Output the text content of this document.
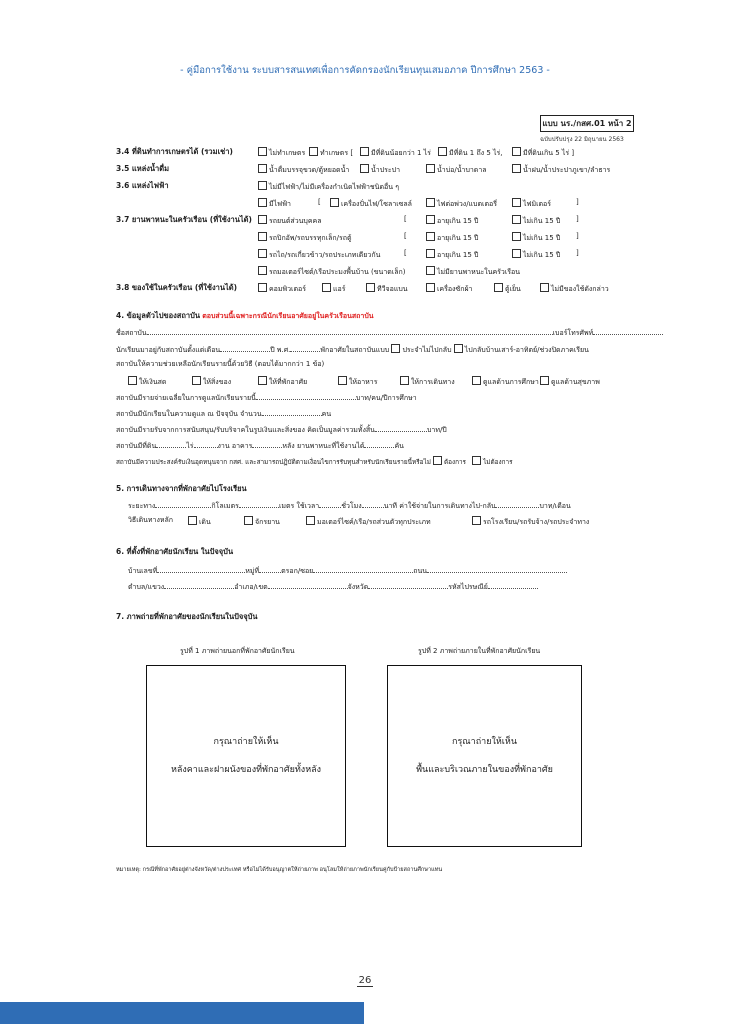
- คู่มือการใช้งาน ระบบสารสนเทศเพื่อการคัดกรองนักเรียนทุนเสมอภาค ปีการศึกษา 2563 -
แบบ นร./กสศ.01 หน้า 2
ฉบับปรับปรุง 22 มิถุนายน 2563
3.4 ที่ดินทำการเกษตรได้ (รวมเช่า)	ไม่ทำเกษตร	ทำเกษตร [	มีที่ดินน้อยกว่า 1 ไร่	มีที่ดิน 1 ถึง 5 ไร่,	มีที่ดินเกิน 5 ไร่ ]
3.5 แหล่งน้ำดื่ม	น้ำดื่มบรรจุขวด/ตู้หยอดน้ำ	น้ำประปา	น้ำบ่อ/น้ำบาดาล	น้ำฝน/น้ำประปาภูเขา/ลำธาร
3.6 แหล่งไฟฟ้า	ไม่มีไฟฟ้า/ไม่มีเครื่องกำเนิดไฟฟ้าชนิดอื่น ๆ
มีไฟฟ้า	[	เครื่องปั่นไฟ/โซลาเซลล์	ไฟต่อพ่วง/แบตเตอรี่	ไฟมิเตอร์	]
3.7 ยานพาหนะในครัวเรือน (ที่ใช้งานได้)	รถยนต์ส่วนบุคคล	[	อายุเกิน 15 ปี	ไม่เกิน 15 ปี ]
รถปิกอัพ/รถบรรทุกเล็ก/รถตู้	[	อายุเกิน 15 ปี	ไม่เกิน 15 ปี ]
รถไถ/รถเกี่ยวข้าว/รถประเภทเดียวกัน	[	อายุเกิน 15 ปี	ไม่เกิน 15 ปี ]
รถมอเตอร์ไซต์/เรือประมงพื้นบ้าน (ขนาดเล็ก)	ไม่มียานพาหนะในครัวเรือน
3.8 ของใช้ในครัวเรือน (ที่ใช้งานได้)	คอมพิวเตอร์	แอร์	ทีวีจอแบน	เครื่องซักผ้า	ตู้เย็น	ไม่มีของใช้ดังกล่าว
4. ข้อมูลตัวไปของสถาบัน ตอบส่วนนี้เฉพาะกรณีนักเรียนอาศัยอยู่ในครัวเรือนสถาบัน
ชื่อสถาบัน	เบอร์โทรศัพท์
นักเรียนมาอยู่กับสถาบันตั้งแต่เดือน	ปี พ.ศ.	พักอาศัยในสถาบันแบบ ประจำไม่ไปกลับ ไปกลับบ้านเสาร์-อาทิตย์/ช่วงปิดภาคเรียน
สถาบันให้ความช่วยเหลือนักเรียนรายนี้ด้วยวิธี (ตอบได้มากกว่า 1 ข้อ)
ให้เงินสด	ให้สิ่งของ	ให้ที่พักอาศัย	ให้อาหาร	ให้การเดินทาง	ดูแลด้านการศึกษา	ดูแลด้านสุขภาพ
สถาบันมีรายจ่ายเฉลี่ยในการดูแลนักเรียนรายนี้	บาท/คน/ปีการศึกษา
สถาบันมีนักเรียนในความดูแล ณ ปัจจุบัน จำนวน	คน
สถาบันมีรายรับจากการสนับสนุน/รับบริจาคในรูปเงินและสิ่งของ คิดเป็นมูลค่ารวมทั้งสิ้น	บาท/ปี
สถาบันมีที่ดิน	ไร่	งาน อาคาร	หลัง ยานพาหนะที่ใช้งานได้	คัน
สถาบันมีความประสงค์รับเงินอุดหนุนจาก กสศ. และสามารถปฏิบัติตามเงื่อนไขการรับทุนสำหรับนักเรียนรายนี้หรือไม่ ต้องการ	ไม่ต้องการ
5. การเดินทางจากที่พักอาศัยไปโรงเรียน
ระยะทาง	กิโลเมตร	เมตร ใช้เวลา	ชั่วโมง	นาที ค่าใช้จ่ายในการเดินทางไป-กลับ	บาท/เดือน
วิธีเดินทางหลัก	เดิน	จักรยาน	มอเตอร์ไซค์/เรือ/รถส่วนตัวทุกประเภท	รถโรงเรียน/รถรับจ้าง/รถประจำทาง
6. ที่ตั้งที่พักอาศัยนักเรียน ในปัจจุบัน
บ้านเลขที่	หมู่ที่	ตรอก/ซอย	ถนน
ตำบล/แขวง	อำเภอ/เขต	จังหวัด	รหัสไปรษณีย์
7. ภาพถ่ายที่พักอาศัยของนักเรียนในปัจจุบัน
รูปที่ 1 ภาพถ่ายนอกที่พักอาศัยนักเรียน	รูปที่ 2 ภาพถ่ายภายในที่พักอาศัยนักเรียน
กรุณาถ่ายให้เห็น
หลังคาและฝาผนังของที่พักอาศัยทั้งหลัง
กรุณาถ่ายให้เห็น
พื้นและบริเวณภายในของที่พักอาศัย
หมายเหตุ: กรณีที่พักอาศัยอยู่ต่างจังหวัด/ต่างประเทศ หรือไม่ได้รับอนุญาตให้ถ่ายภาพ อนุโลมให้ถ่ายภาพนักเรียนคู่กับป้ายสถานศึกษาแทน
26
